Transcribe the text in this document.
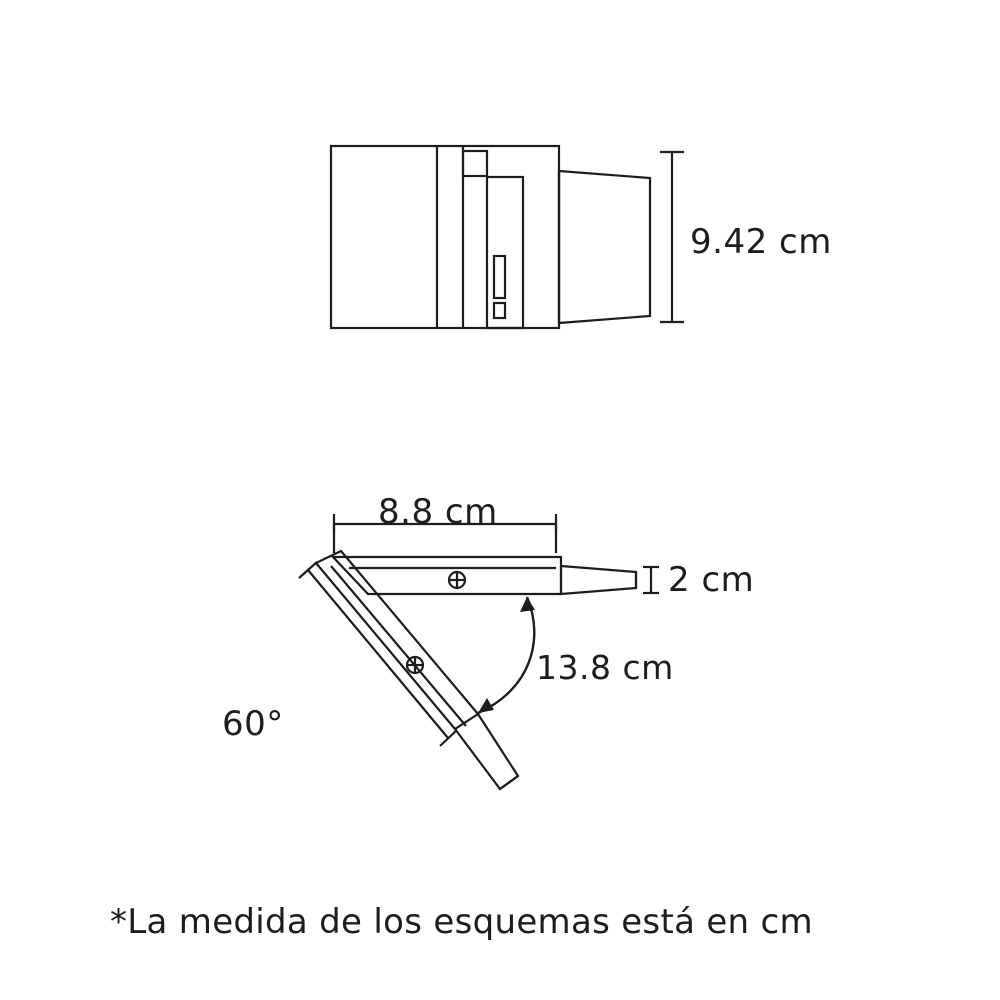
9.42 cm
8.8 cm
2 cm
60°
13.8 cm
*La medida de los esquemas está en cm
